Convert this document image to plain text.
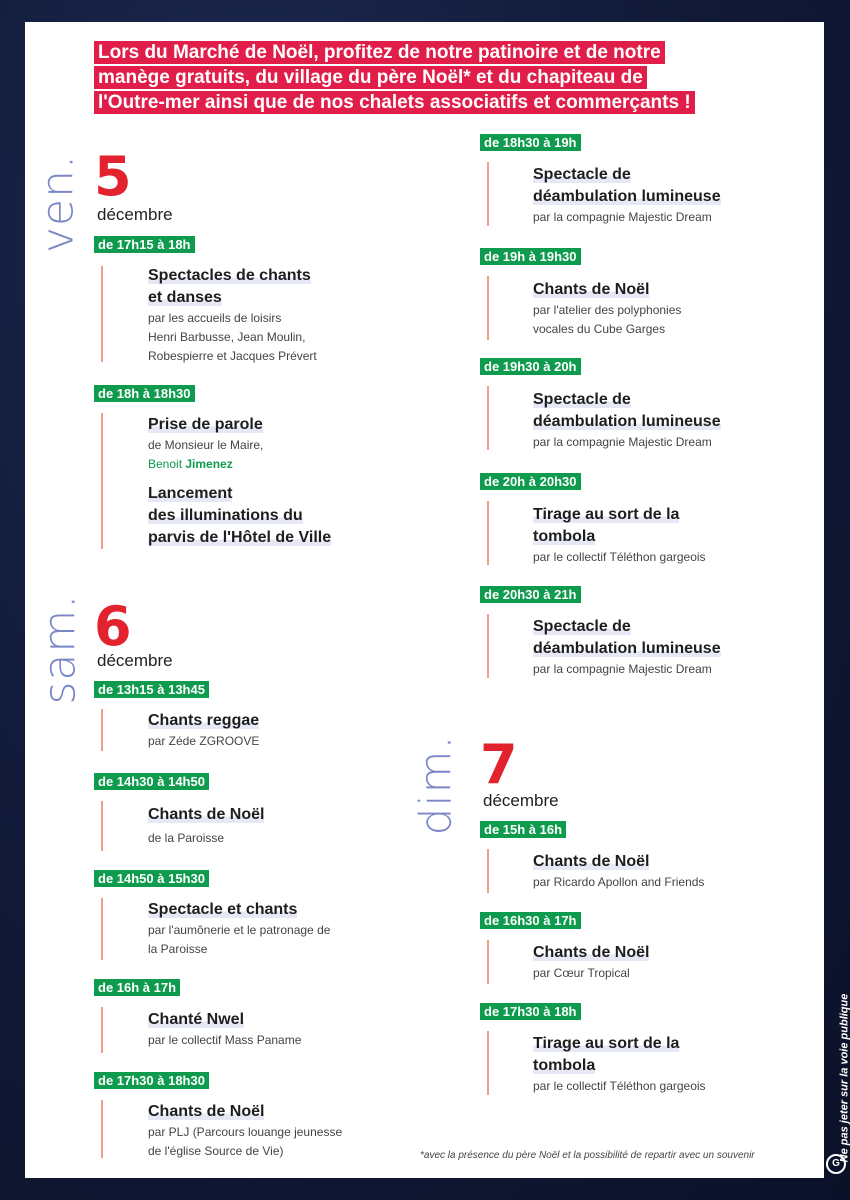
Lors du Marché de Noël, profitez de notre patinoire et de notre
manège gratuits, du village du père Noël* et du chapiteau de
l'Outre-mer ainsi que de nos chalets associatifs et commerçants !
ven. 5
décembre
de 17h15 à 18h
Spectacles de chants
et danses
par les accueils de loisirs
Henri Barbusse, Jean Moulin,
Robespierre et Jacques Prévert
de 18h à 18h30
Prise de parole
de Monsieur le Maire,
Benoit Jimenez
Lancement
des illuminations du
parvis de l'Hôtel de Ville
sam. 6
décembre
de 13h15 à 13h45
Chants reggae
par Zéde ZGROOVE
de 14h30 à 14h50
Chants de Noël
de la Paroisse
de 14h50 à 15h30
Spectacle et chants
par l'aumônerie et le patronage de
la Paroisse
de 16h à 17h
Chanté Nwel
par le collectif Mass Paname
de 17h30 à 18h30
Chants de Noël
par PLJ (Parcours louange jeunesse
de l'église Source de Vie)
de 18h30 à 19h
Spectacle de
déambulation lumineuse
par la compagnie Majestic Dream
de 19h à 19h30
Chants de Noël
par l'atelier des polyphonies
vocales du Cube Garges
de 19h30 à 20h
Spectacle de
déambulation lumineuse
par la compagnie Majestic Dream
de 20h à 20h30
Tirage au sort de la
tombola
par le collectif Téléthon gargeois
de 20h30 à 21h
Spectacle de
déambulation lumineuse
par la compagnie Majestic Dream
dim. 7
décembre
de 15h à 16h
Chants de Noël
par Ricardo Apollon and Friends
de 16h30 à 17h
Chants de Noël
par Cœur Tropical
de 17h30 à 18h
Tirage au sort de la
tombola
par le collectif Téléthon gargeois
*avec la présence du père Noël et la possibilité de repartir avec un souvenir	Ne pas jeter sur la voie publique
G
